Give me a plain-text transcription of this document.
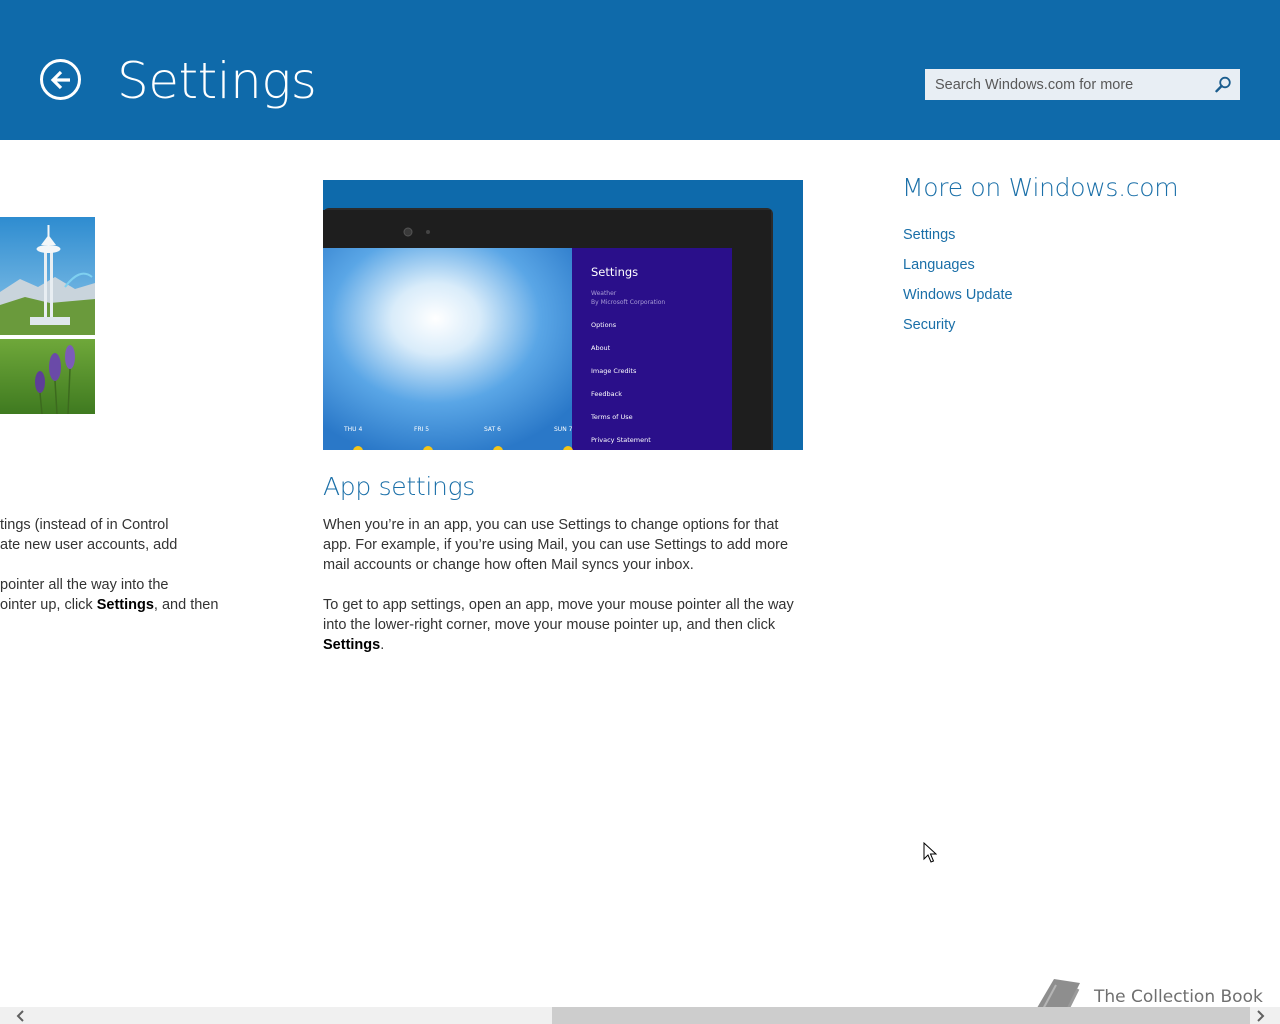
Settings
Search Windows.com for more

tings (instead of in Control

ate new user accounts, add

pointer all the way into the

ointer up, click Settings, and then

Settings
Weather
By Microsoft Corporation
Options
About
Image Credits
Feedback
Terms of Use
Privacy Statement
THU 4	FRI 5	SAT 6	SUN 7
App settings

When you’re in an app, you can use Settings to change options for that app. For example, if you’re using Mail, you can use Settings to add more mail accounts or change how often Mail syncs your inbox.

To get to app settings, open an app, move your mouse pointer all the way into the lower-right corner, move your mouse pointer up, and then click Settings.

More on Windows.com
Settings
Languages
Windows Update
Security
The Collection Book
